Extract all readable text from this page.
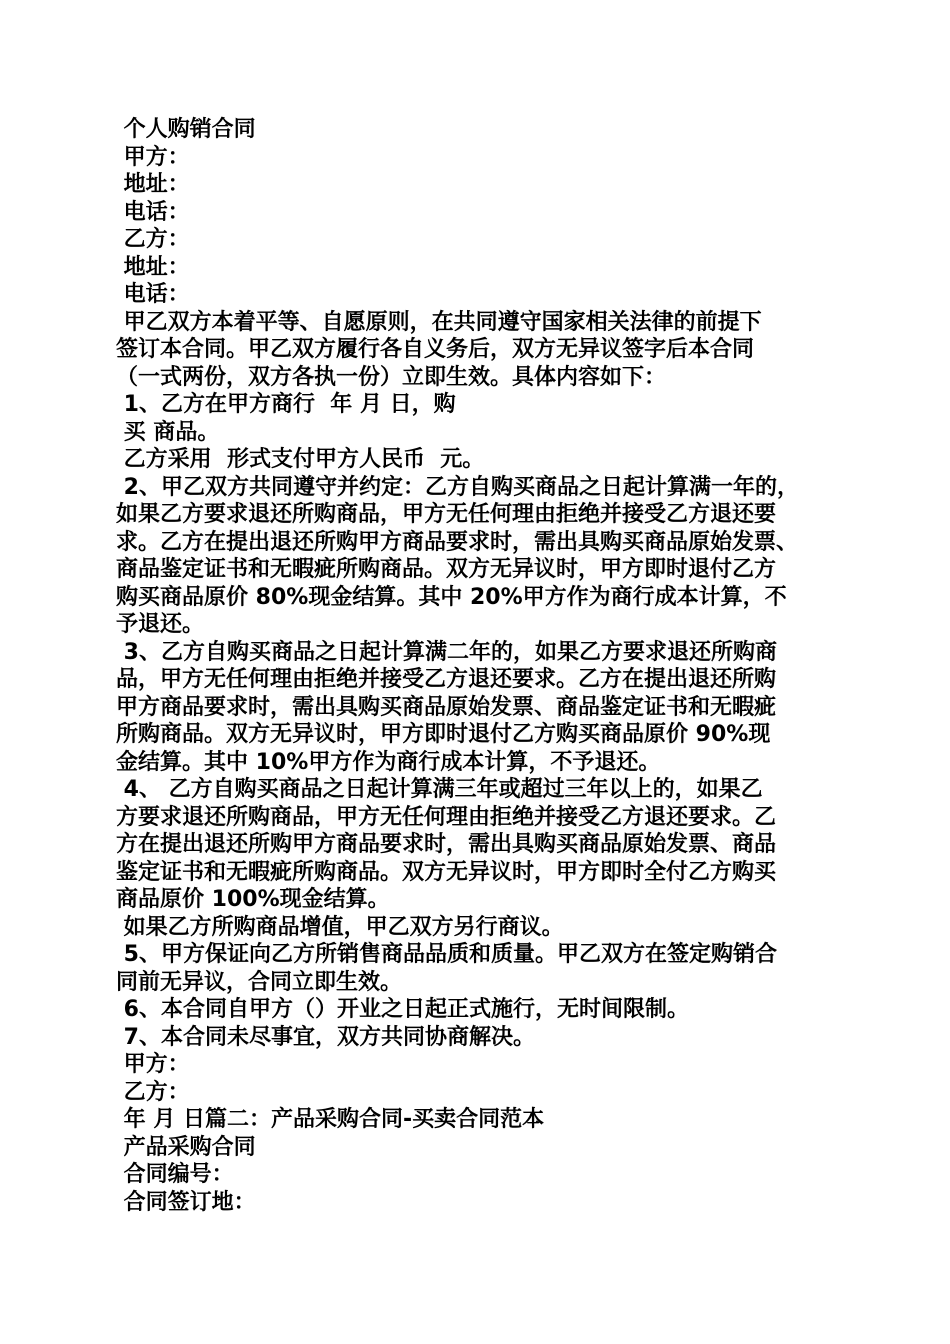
个人购销合同
甲方：
地址：
电话：
乙方：
地址：
电话：
甲乙双方本着平等、自愿原则，在共同遵守国家相关法律的前提下
签订本合同。甲乙双方履行各自义务后，双方无异议签字后本合同
（一式两份，双方各执一份）立即生效。具体内容如下：
1、乙方在甲方商行  年 月 日，购
买 商品。
乙方采用  形式支付甲方人民币  元。
2、甲乙双方共同遵守并约定：乙方自购买商品之日起计算满一年的，
如果乙方要求退还所购商品，甲方无任何理由拒绝并接受乙方退还要
求。乙方在提出退还所购甲方商品要求时，需出具购买商品原始发票、
商品鉴定证书和无暇疵所购商品。双方无异议时，甲方即时退付乙方
购买商品原价 80%现金结算。其中 20%甲方作为商行成本计算，不
予退还。
3、乙方自购买商品之日起计算满二年的，如果乙方要求退还所购商
品，甲方无任何理由拒绝并接受乙方退还要求。乙方在提出退还所购
甲方商品要求时，需出具购买商品原始发票、商品鉴定证书和无暇疵
所购商品。双方无异议时，甲方即时退付乙方购买商品原价 90%现
金结算。其中 10%甲方作为商行成本计算，不予退还。
4、 乙方自购买商品之日起计算满三年或超过三年以上的，如果乙
方要求退还所购商品，甲方无任何理由拒绝并接受乙方退还要求。乙
方在提出退还所购甲方商品要求时，需出具购买商品原始发票、商品
鉴定证书和无暇疵所购商品。双方无异议时，甲方即时全付乙方购买
商品原价 100%现金结算。
如果乙方所购商品增值，甲乙双方另行商议。
5、甲方保证向乙方所销售商品品质和质量。甲乙双方在签定购销合
同前无异议，合同立即生效。
6、本合同自甲方（）开业之日起正式施行，无时间限制。
7、本合同未尽事宜，双方共同协商解决。
甲方：
乙方：
年 月 日篇二：产品采购合同-买卖合同范本
产品采购合同
合同编号：
合同签订地：
